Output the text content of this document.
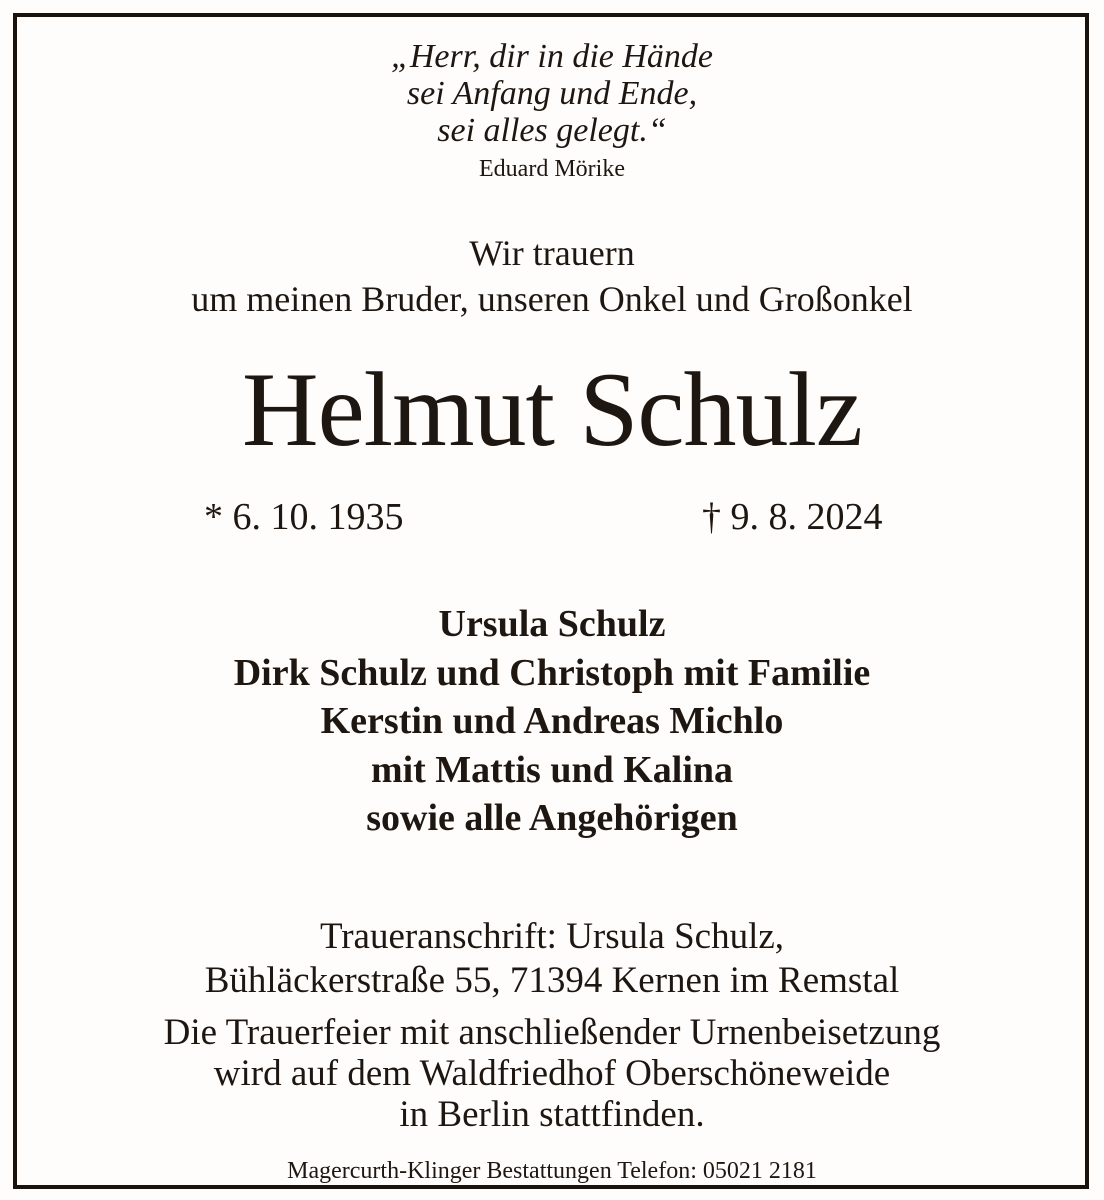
„Herr, dir in die Hände
sei Anfang und Ende,
sei alles gelegt.“
Eduard Mörike
Wir trauern
um meinen Bruder, unseren Onkel und Großonkel
Helmut Schulz
* 6. 10. 1935	† 9. 8. 2024
Ursula Schulz
Dirk Schulz und Christoph mit Familie
Kerstin und Andreas Michlo
mit Mattis und Kalina
sowie alle Angehörigen
Traueranschrift: Ursula Schulz,
Bühläckerstraße 55, 71394 Kernen im Remstal
Die Trauerfeier mit anschließender Urnenbeisetzung
wird auf dem Waldfriedhof Oberschöneweide
in Berlin stattfinden.
Magercurth-Klinger Bestattungen Telefon: 05021 2181
